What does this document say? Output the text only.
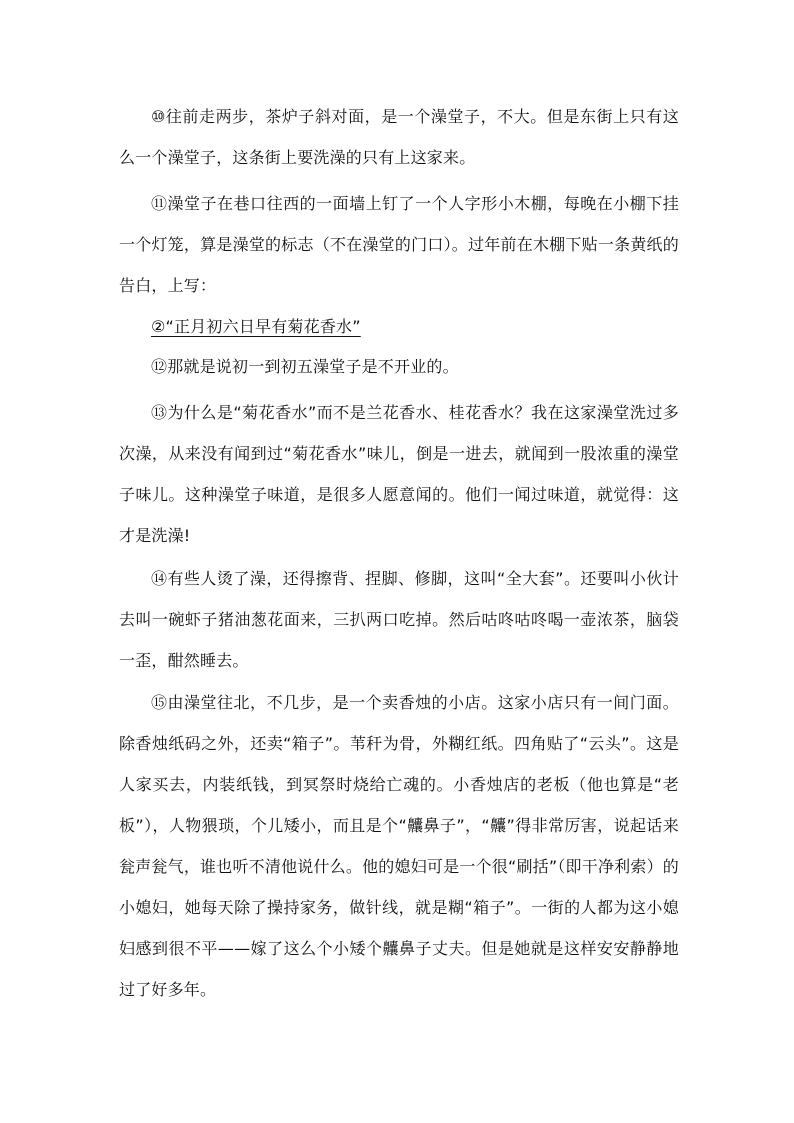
⑩往前走两步，茶炉子斜对面，是一个澡堂子，不大。但是东街上只有这么一个澡堂子，这条街上要洗澡的只有上这家来。

⑪澡堂子在巷口往西的一面墙上钉了一个人字形小木棚，每晚在小棚下挂一个灯笼，算是澡堂的标志（不在澡堂的门口）。过年前在木棚下贴一条黄纸的告白，上写：

②“正月初六日早有菊花香水”

⑫那就是说初一到初五澡堂子是不开业的。

⑬为什么是“菊花香水”而不是兰花香水、桂花香水？我在这家澡堂洗过多次澡，从来没有闻到过“菊花香水”味儿，倒是一进去，就闻到一股浓重的澡堂子味儿。这种澡堂子味道，是很多人愿意闻的。他们一闻过味道，就觉得：这才是洗澡!

⑭有些人烫了澡，还得擦背、捏脚、修脚，这叫“全大套”。还要叫小伙计去叫一碗虾子猪油葱花面来，三扒两口吃掉。然后咕咚咕咚喝一壶浓茶，脑袋一歪，酣然睡去。

⑮由澡堂往北，不几步，是一个卖香烛的小店。这家小店只有一间门面。除香烛纸码之外，还卖“箱子”。苇秆为骨，外糊红纸。四角贴了“云头”。这是人家买去，内装纸钱，到冥祭时烧给亡魂的。小香烛店的老板（他也算是“老板”），人物猥琐，个儿矮小，而且是个“齉鼻子”，“齉”得非常厉害，说起话来瓮声瓮气，谁也听不清他说什么。他的媳妇可是一个很“刷括”（即干净利索）的小媳妇，她每天除了操持家务，做针线，就是糊“箱子”。一街的人都为这小媳妇感到很不平——嫁了这么个小矮个齉鼻子丈夫。但是她就是这样安安静静地过了好多年。
